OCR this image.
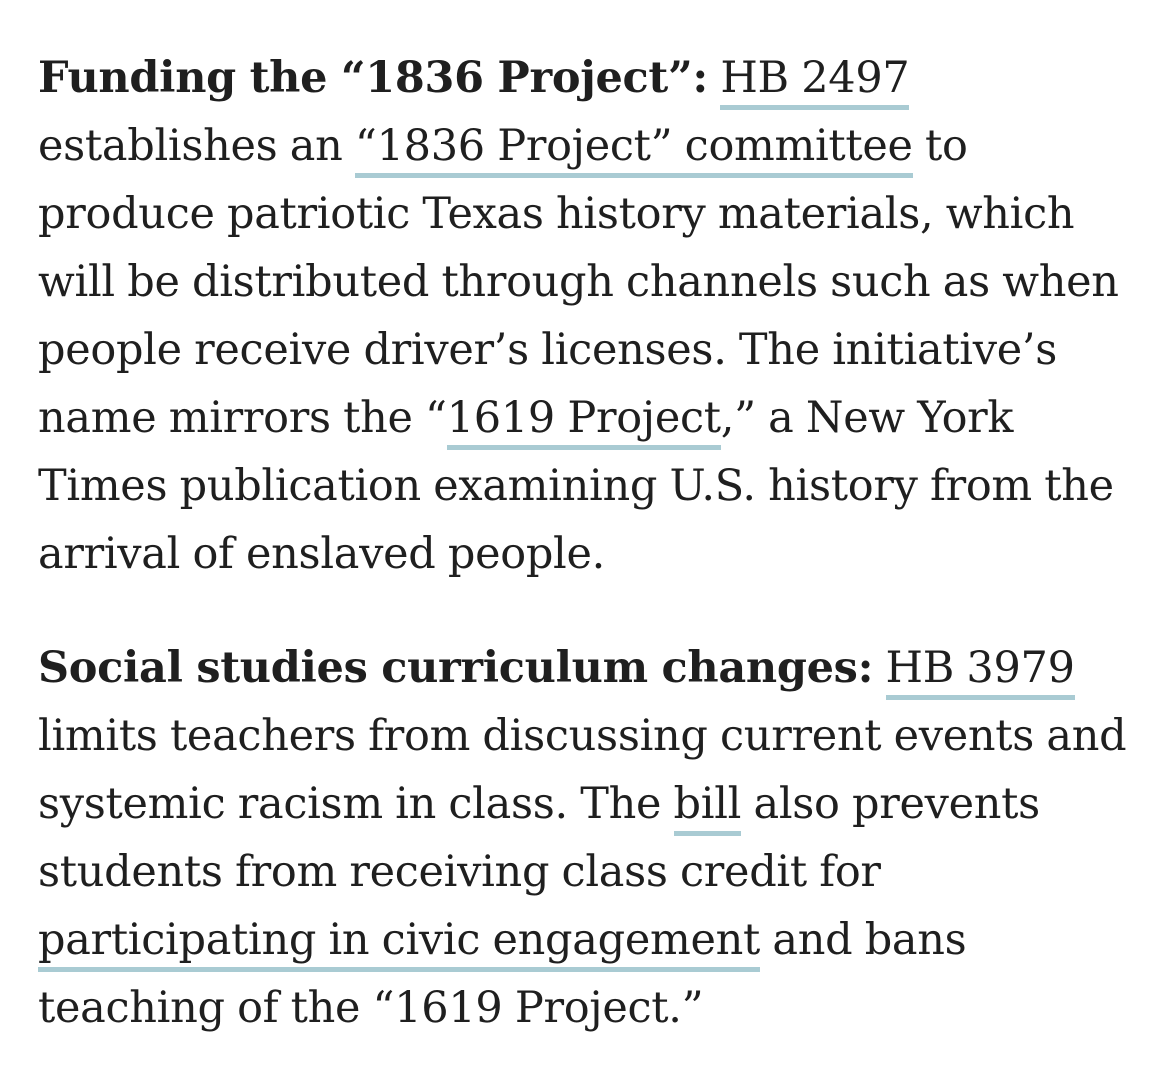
Funding the “1836 Project”: HB 2497 establishes an “1836 Project” committee to produce patriotic Texas history materials, which will be distributed through channels such as when people receive driver’s licenses. The initiative’s name mirrors the “1619 Project,” a New York Times publication examining U.S. history from the arrival of enslaved people.

Social studies curriculum changes: HB 3979 limits teachers from discussing current events and systemic racism in class. The bill also prevents students from receiving class credit for participating in civic engagement and bans teaching of the “1619 Project.”
